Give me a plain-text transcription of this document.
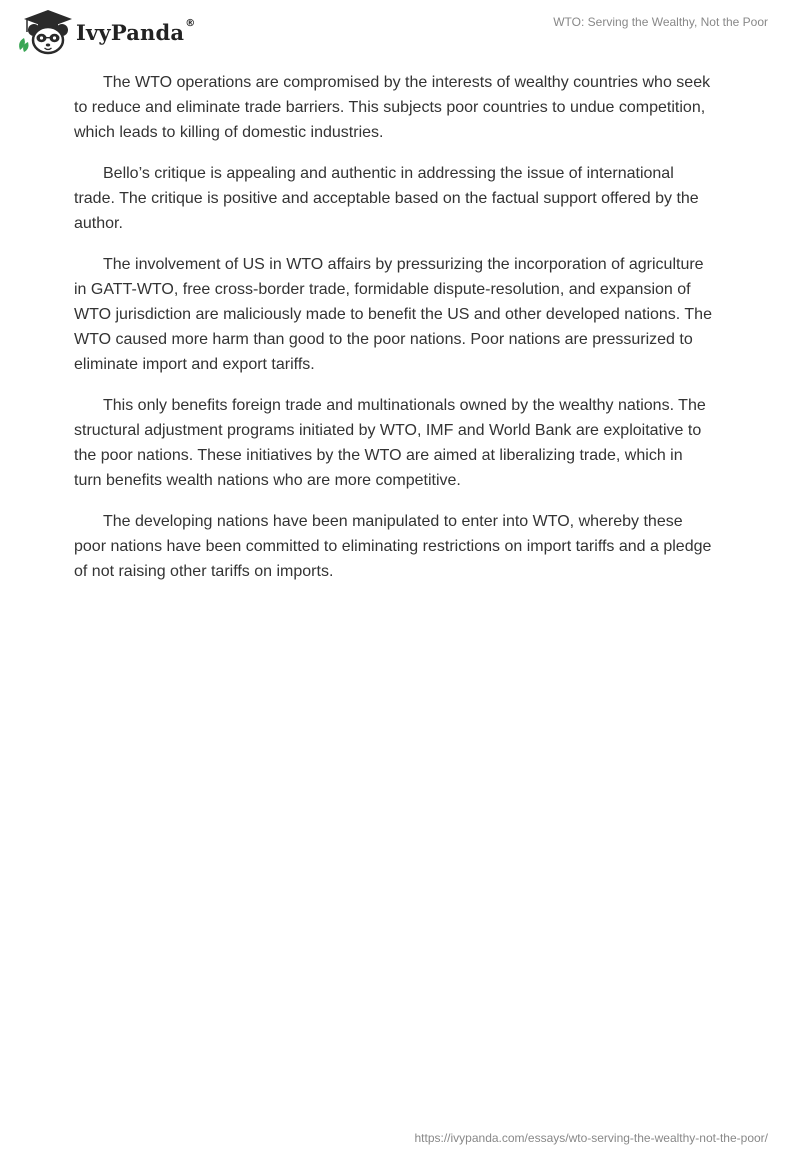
IvyPanda®	WTO: Serving the Wealthy, Not the Poor

The WTO operations are compromised by the interests of wealthy countries who seek to reduce and eliminate trade barriers. This subjects poor countries to undue competition, which leads to killing of domestic industries.

Bello’s critique is appealing and authentic in addressing the issue of international trade. The critique is positive and acceptable based on the factual support offered by the author.

The involvement of US in WTO affairs by pressurizing the incorporation of agriculture in GATT-WTO, free cross-border trade, formidable dispute-resolution, and expansion of WTO jurisdiction are maliciously made to benefit the US and other developed nations. The WTO caused more harm than good to the poor nations. Poor nations are pressurized to eliminate import and export tariffs.

This only benefits foreign trade and multinationals owned by the wealthy nations. The structural adjustment programs initiated by WTO, IMF and World Bank are exploitative to the poor nations. These initiatives by the WTO are aimed at liberalizing trade, which in turn benefits wealth nations who are more competitive.

The developing nations have been manipulated to enter into WTO, whereby these poor nations have been committed to eliminating restrictions on import tariffs and a pledge of not raising other tariffs on imports.

https://ivypanda.com/essays/wto-serving-the-wealthy-not-the-poor/
